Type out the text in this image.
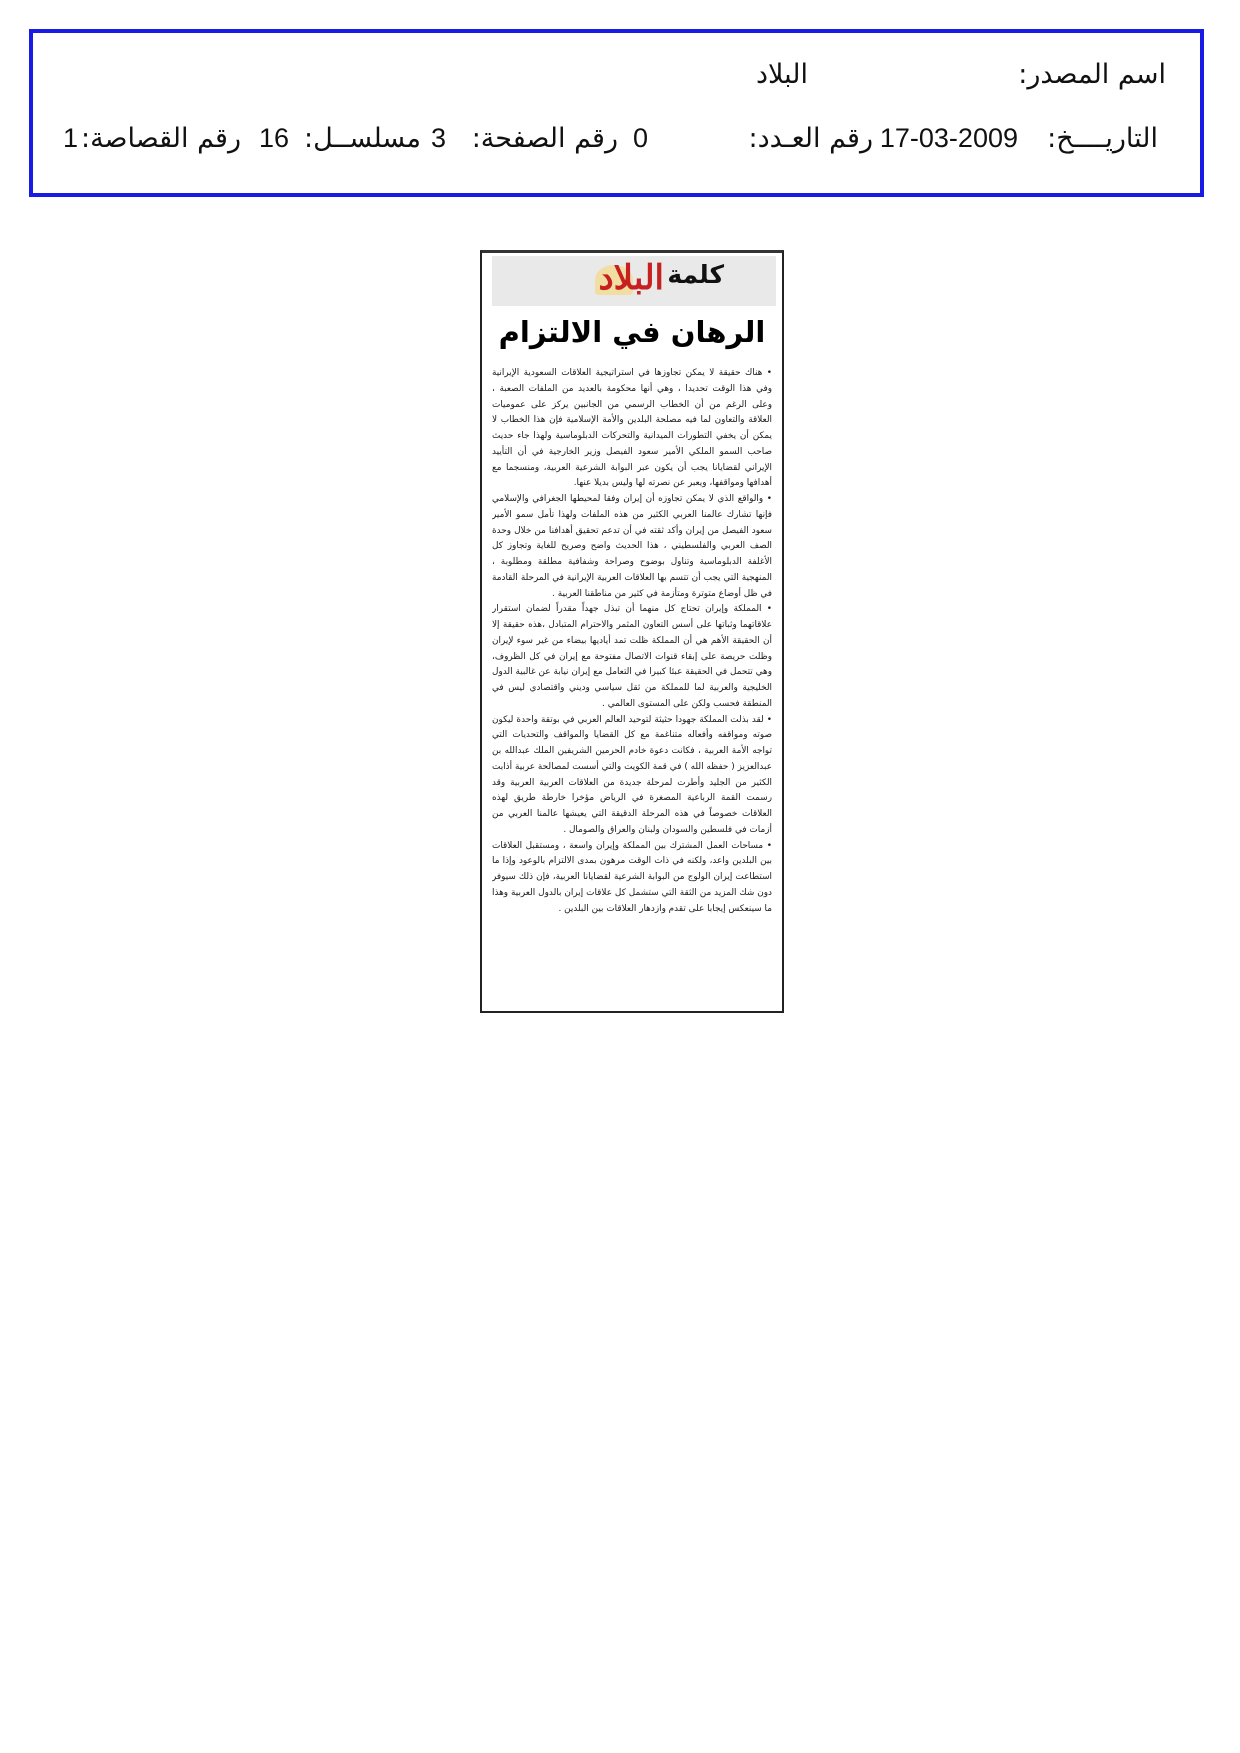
اسم المصدر:
البلاد
التاريــــخ:
17-03-2009
رقم العـدد:
0
رقم الصفحة:
3
مسلســل:
16
رقم القصاصة:
1
البلاد كلمة
الرهان في الالتزام

• هناك حقيقة لا يمكن تجاوزها في استراتيجية العلاقات السعودية الإيرانية وفي هذا الوقت تحديدا ، وهي أنها محكومة بالعديد من الملفات الصعبة ، وعلى الرغم من أن الخطاب الرسمي من الجانبين يركز على عموميات العلاقة والتعاون لما فيه مصلحة البلدين والأمة الإسلامية فإن هذا الخطاب لا يمكن أن يخفي التطورات الميدانية والتحركات الدبلوماسية ولهذا جاء حديث صاحب السمو الملكي الأمير سعود الفيصل وزير الخارجية في أن التأييد الإيراني لقضايانا يجب أن يكون عبر البوابة الشرعية العربية، ومنسجما مع أهدافها ومواقفها، ويعبر عن نصرته لها وليس بديلا عنها.

• والواقع الذي لا يمكن تجاوزه أن إيران وفقا لمحيطها الجغرافي والإسلامي فإنها تشارك عالمنا العربي الكثير من هذه الملفات ولهذا تأمل سمو الأمير سعود الفيصل من إيران وأكد ثقته في أن تدعم تحقيق أهدافنا من خلال وحدة الصف العربي والفلسطيني ، هذا الحديث واضح وصريح للغاية وتجاوز كل الأغلفة الدبلوماسية وتناول بوضوح وصراحة وشفافية مطلقة ومطلوبة ، المنهجية التي يجب أن تتسم بها العلاقات العربية الإيرانية في المرحلة القادمة في ظل أوضاع متوترة ومتأزمة في كثير من مناطقنا العربية .

• المملكة وإيران تحتاج كل منهما أن تبذل جهداً مقدراً لضمان استقرار علاقاتهما وثباتها على أسس التعاون المثمر والاحترام المتبادل ،هذه حقيقة إلا أن الحقيقة الأهم هي أن المملكة ظلت تمد أياديها بيضاء من غير سوء لإيران وظلت حريصة على إبقاء قنوات الاتصال مفتوحة مع إيران في كل الظروف، وهي تتحمل في الحقيقة عبئا كبيرا في التعامل مع إيران نيابة عن غالبية الدول الخليجية والعربية لما للمملكة من ثقل سياسي وديني واقتصادي ليس في المنطقة فحسب ولكن على المستوى العالمي .

• لقد بذلت المملكة جهودا حثيثة لتوحيد العالم العربي في بوتقة واحدة ليكون صوته ومواقفه وأفعاله متناغمة مع كل القضايا والمواقف والتحديات التي تواجه الأمة العربية ، فكانت دعوة خادم الحرمين الشريفين الملك عبدالله بن عبدالعزيز ( حفظه الله ) في قمة الكويت والتي أسست لمصالحة عربية أذابت الكثير من الجليد وأطرت لمرحلة جديدة من العلاقات العربية العربية وقد رسمت القمة الرباعية المصغرة في الرياض مؤخرا خارطة طريق لهذه العلاقات خصوصاً في هذه المرحلة الدقيقة التي يعيشها عالمنا العربي من أزمات في فلسطين والسودان ولبنان والعراق والصومال .

• مساحات العمل المشترك بين المملكة وإيران واسعة ، ومستقبل العلاقات بين البلدين واعد، ولكنه في ذات الوقت مرهون بمدى الالتزام بالوعود وإذا ما استطاعت إيران الولوج من البوابة الشرعية لقضايانا العربية، فإن ذلك سيوفر دون شك المزيد من الثقة التي ستشمل كل علاقات إيران بالدول العربية وهذا ما سينعكس إيجابا على تقدم وازدهار العلاقات بين البلدين .
